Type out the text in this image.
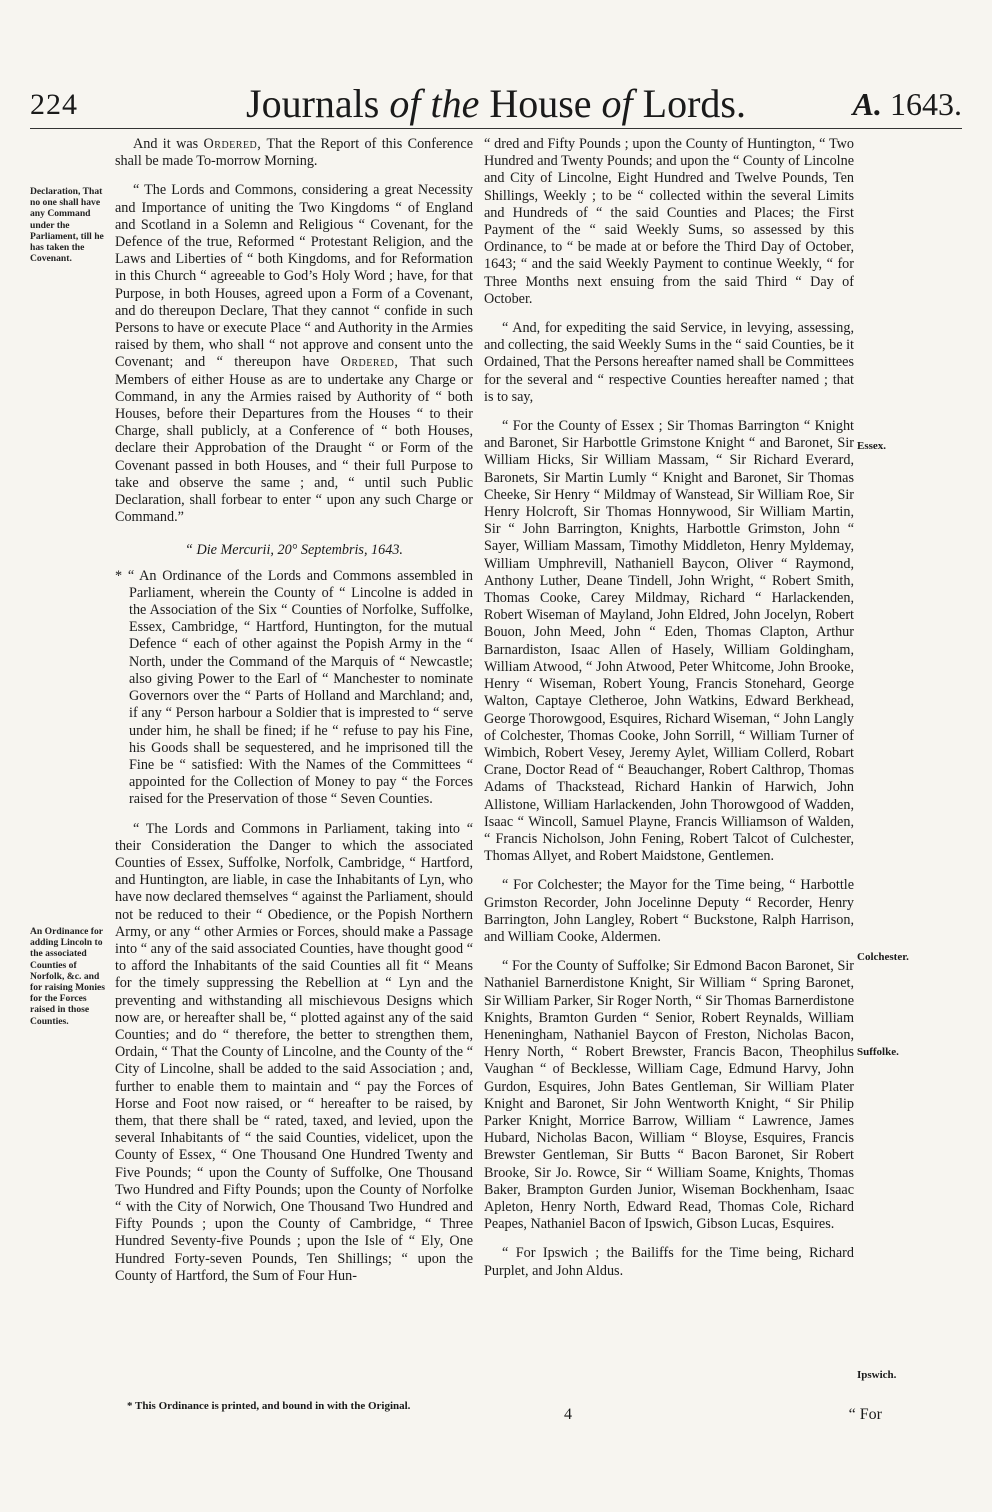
224	Journals of the House of Lords.	A. 1643.
Declaration, That no one shall have any Command under the Parliament, till he has taken the Covenant.
An Ordinance for adding Lincoln to the associated Counties of Norfolk, &c. and for raising Monies for the Forces raised in those Counties.

And it was Ordered, That the Report of this Conference shall be made To-morrow Morning.

“ The Lords and Commons, considering a great Necessity and Importance of uniting the Two Kingdoms “ of England and Scotland in a Solemn and Religious “ Covenant, for the Defence of the true, Reformed “ Protestant Religion, and the Laws and Liberties of “ both Kingdoms, and for Reformation in this Church “ agreeable to God’s Holy Word ; have, for that Purpose, in both Houses, agreed upon a Form of a Covenant, and do thereupon Declare, That they cannot “ confide in such Persons to have or execute Place “ and Authority in the Armies raised by them, who shall “ not approve and consent unto the Covenant; and “ thereupon have Ordered, That such Members of either House as are to undertake any Charge or Command, in any the Armies raised by Authority of “ both Houses, before their Departures from the Houses “ to their Charge, shall publicly, at a Conference of “ both Houses, declare their Approbation of the Draught “ or Form of the Covenant passed in both Houses, and “ their full Purpose to take and observe the same ; and, “ until such Public Declaration, shall forbear to enter “ upon any such Charge or Command.”

“ Die Mercurii, 20° Septembris, 1643.

* “ An Ordinance of the Lords and Commons assembled in Parliament, wherein the County of “ Lincolne is added in the Association of the Six “ Counties of Norfolke, Suffolke, Essex, Cambridge, “ Hartford, Huntington, for the mutual Defence “ each of other against the Popish Army in the “ North, under the Command of the Marquis of “ Newcastle; also giving Power to the Earl of “ Manchester to nominate Governors over the “ Parts of Holland and Marchland; and, if any “ Person harbour a Soldier that is imprested to “ serve under him, he shall be fined; if he “ refuse to pay his Fine, his Goods shall be sequestered, and he imprisoned till the Fine be “ satisfied: With the Names of the Committees “ appointed for the Collection of Money to pay “ the Forces raised for the Preservation of those “ Seven Counties.

“ The Lords and Commons in Parliament, taking into “ their Consideration the Danger to which the associated Counties of Essex, Suffolke, Norfolk, Cambridge, “ Hartford, and Huntington, are liable, in case the Inhabitants of Lyn, who have now declared themselves “ against the Parliament, should not be reduced to their “ Obedience, or the Popish Northern Army, or any “ other Armies or Forces, should make a Passage into “ any of the said associated Counties, have thought good “ to afford the Inhabitants of the said Counties all fit “ Means for the timely suppressing the Rebellion at “ Lyn and the preventing and withstanding all mischievous Designs which now are, or hereafter shall be, “ plotted against any of the said Counties; and do “ therefore, the better to strengthen them, Ordain, “ That the County of Lincolne, and the County of the “ City of Lincolne, shall be added to the said Association ; and, further to enable them to maintain and “ pay the Forces of Horse and Foot now raised, or “ hereafter to be raised, by them, that there shall be “ rated, taxed, and levied, upon the several Inhabitants of “ the said Counties, videlicet, upon the County of Essex, “ One Thousand One Hundred Twenty and Five Pounds; “ upon the County of Suffolke, One Thousand Two Hundred and Fifty Pounds; upon the County of Norfolke “ with the City of Norwich, One Thousand Two Hundred and Fifty Pounds ; upon the County of Cambridge, “ Three Hundred Seventy-five Pounds ; upon the Isle of “ Ely, One Hundred Forty-seven Pounds, Ten Shillings; “ upon the County of Hartford, the Sum of Four Hun-

“ dred and Fifty Pounds ; upon the County of Huntington, “ Two Hundred and Twenty Pounds; and upon the “ County of Lincolne and City of Lincolne, Eight Hundred and Twelve Pounds, Ten Shillings, Weekly ; to be “ collected within the several Limits and Hundreds of “ the said Counties and Places; the First Payment of the “ said Weekly Sums, so assessed by this Ordinance, to “ be made at or before the Third Day of October, 1643; “ and the said Weekly Payment to continue Weekly, “ for Three Months next ensuing from the said Third “ Day of October.

“ And, for expediting the said Service, in levying, assessing, and collecting, the said Weekly Sums in the “ said Counties, be it Ordained, That the Persons hereafter named shall be Committees for the several and “ respective Counties hereafter named ; that is to say,

“ For the County of Essex ; Sir Thomas Barrington “ Knight and Baronet, Sir Harbottle Grimstone Knight “ and Baronet, Sir William Hicks, Sir William Massam, “ Sir Richard Everard, Baronets, Sir Martin Lumly “ Knight and Baronet, Sir Thomas Cheeke, Sir Henry “ Mildmay of Wanstead, Sir William Roe, Sir Henry Holcroft, Sir Thomas Honnywood, Sir William Martin, Sir “ John Barrington, Knights, Harbottle Grimston, John “ Sayer, William Massam, Timothy Middleton, Henry Myldemay, William Umphrevill, Nathaniell Baycon, Oliver “ Raymond, Anthony Luther, Deane Tindell, John Wright, “ Robert Smith, Thomas Cooke, Carey Mildmay, Richard “ Harlackenden, Robert Wiseman of Mayland, John Eldred, John Jocelyn, Robert Bouon, John Meed, John “ Eden, Thomas Clapton, Arthur Barnardiston, Isaac Allen of Hasely, William Goldingham, William Atwood, “ John Atwood, Peter Whitcome, John Brooke, Henry “ Wiseman, Robert Young, Francis Stonehard, George Walton, Captaye Cletheroe, John Watkins, Edward Berkhead, George Thorowgood, Esquires, Richard Wiseman, “ John Langly of Colchester, Thomas Cooke, John Sorrill, “ William Turner of Wimbich, Robert Vesey, Jeremy Aylet, William Collerd, Robart Crane, Doctor Read of “ Beauchanger, Robert Calthrop, Thomas Adams of Thackstead, Richard Hankin of Harwich, John Allistone, William Harlackenden, John Thorowgood of Wadden, Isaac “ Wincoll, Samuel Playne, Francis Williamson of Walden, “ Francis Nicholson, John Fening, Robert Talcot of Culchester, Thomas Allyet, and Robert Maidstone, Gentlemen.

“ For Colchester; the Mayor for the Time being, “ Harbottle Grimston Recorder, John Jocelinne Deputy “ Recorder, Henry Barrington, John Langley, Robert “ Buckstone, Ralph Harrison, and William Cooke, Aldermen.

“ For the County of Suffolke; Sir Edmond Bacon Baronet, Sir Nathaniel Barnerdistone Knight, Sir William “ Spring Baronet, Sir William Parker, Sir Roger North, “ Sir Thomas Barnerdistone Knights, Bramton Gurden “ Senior, Robert Reynalds, William Heneningham, Nathaniel Baycon of Freston, Nicholas Bacon, Henry North, “ Robert Brewster, Francis Bacon, Theophilus Vaughan “ of Becklesse, William Cage, Edmund Harvy, John Gurdon, Esquires, John Bates Gentleman, Sir William Plater Knight and Baronet, Sir John Wentworth Knight, “ Sir Philip Parker Knight, Morrice Barrow, William “ Lawrence, James Hubard, Nicholas Bacon, William “ Bloyse, Esquires, Francis Brewster Gentleman, Sir Butts “ Bacon Baronet, Sir Robert Brooke, Sir Jo. Rowce, Sir “ William Soame, Knights, Thomas Baker, Brampton Gurden Junior, Wiseman Bockhenham, Isaac Apleton, Henry North, Edward Read, Thomas Cole, Richard Peapes, Nathaniel Bacon of Ipswich, Gibson Lucas, Esquires.

“ For Ipswich ; the Bailiffs for the Time being, Richard Purplet, and John Aldus.

Essex.
Colchester.
Suffolke.
Ipswich.
* This Ordinance is printed, and bound in with the Original.	4	“ For
